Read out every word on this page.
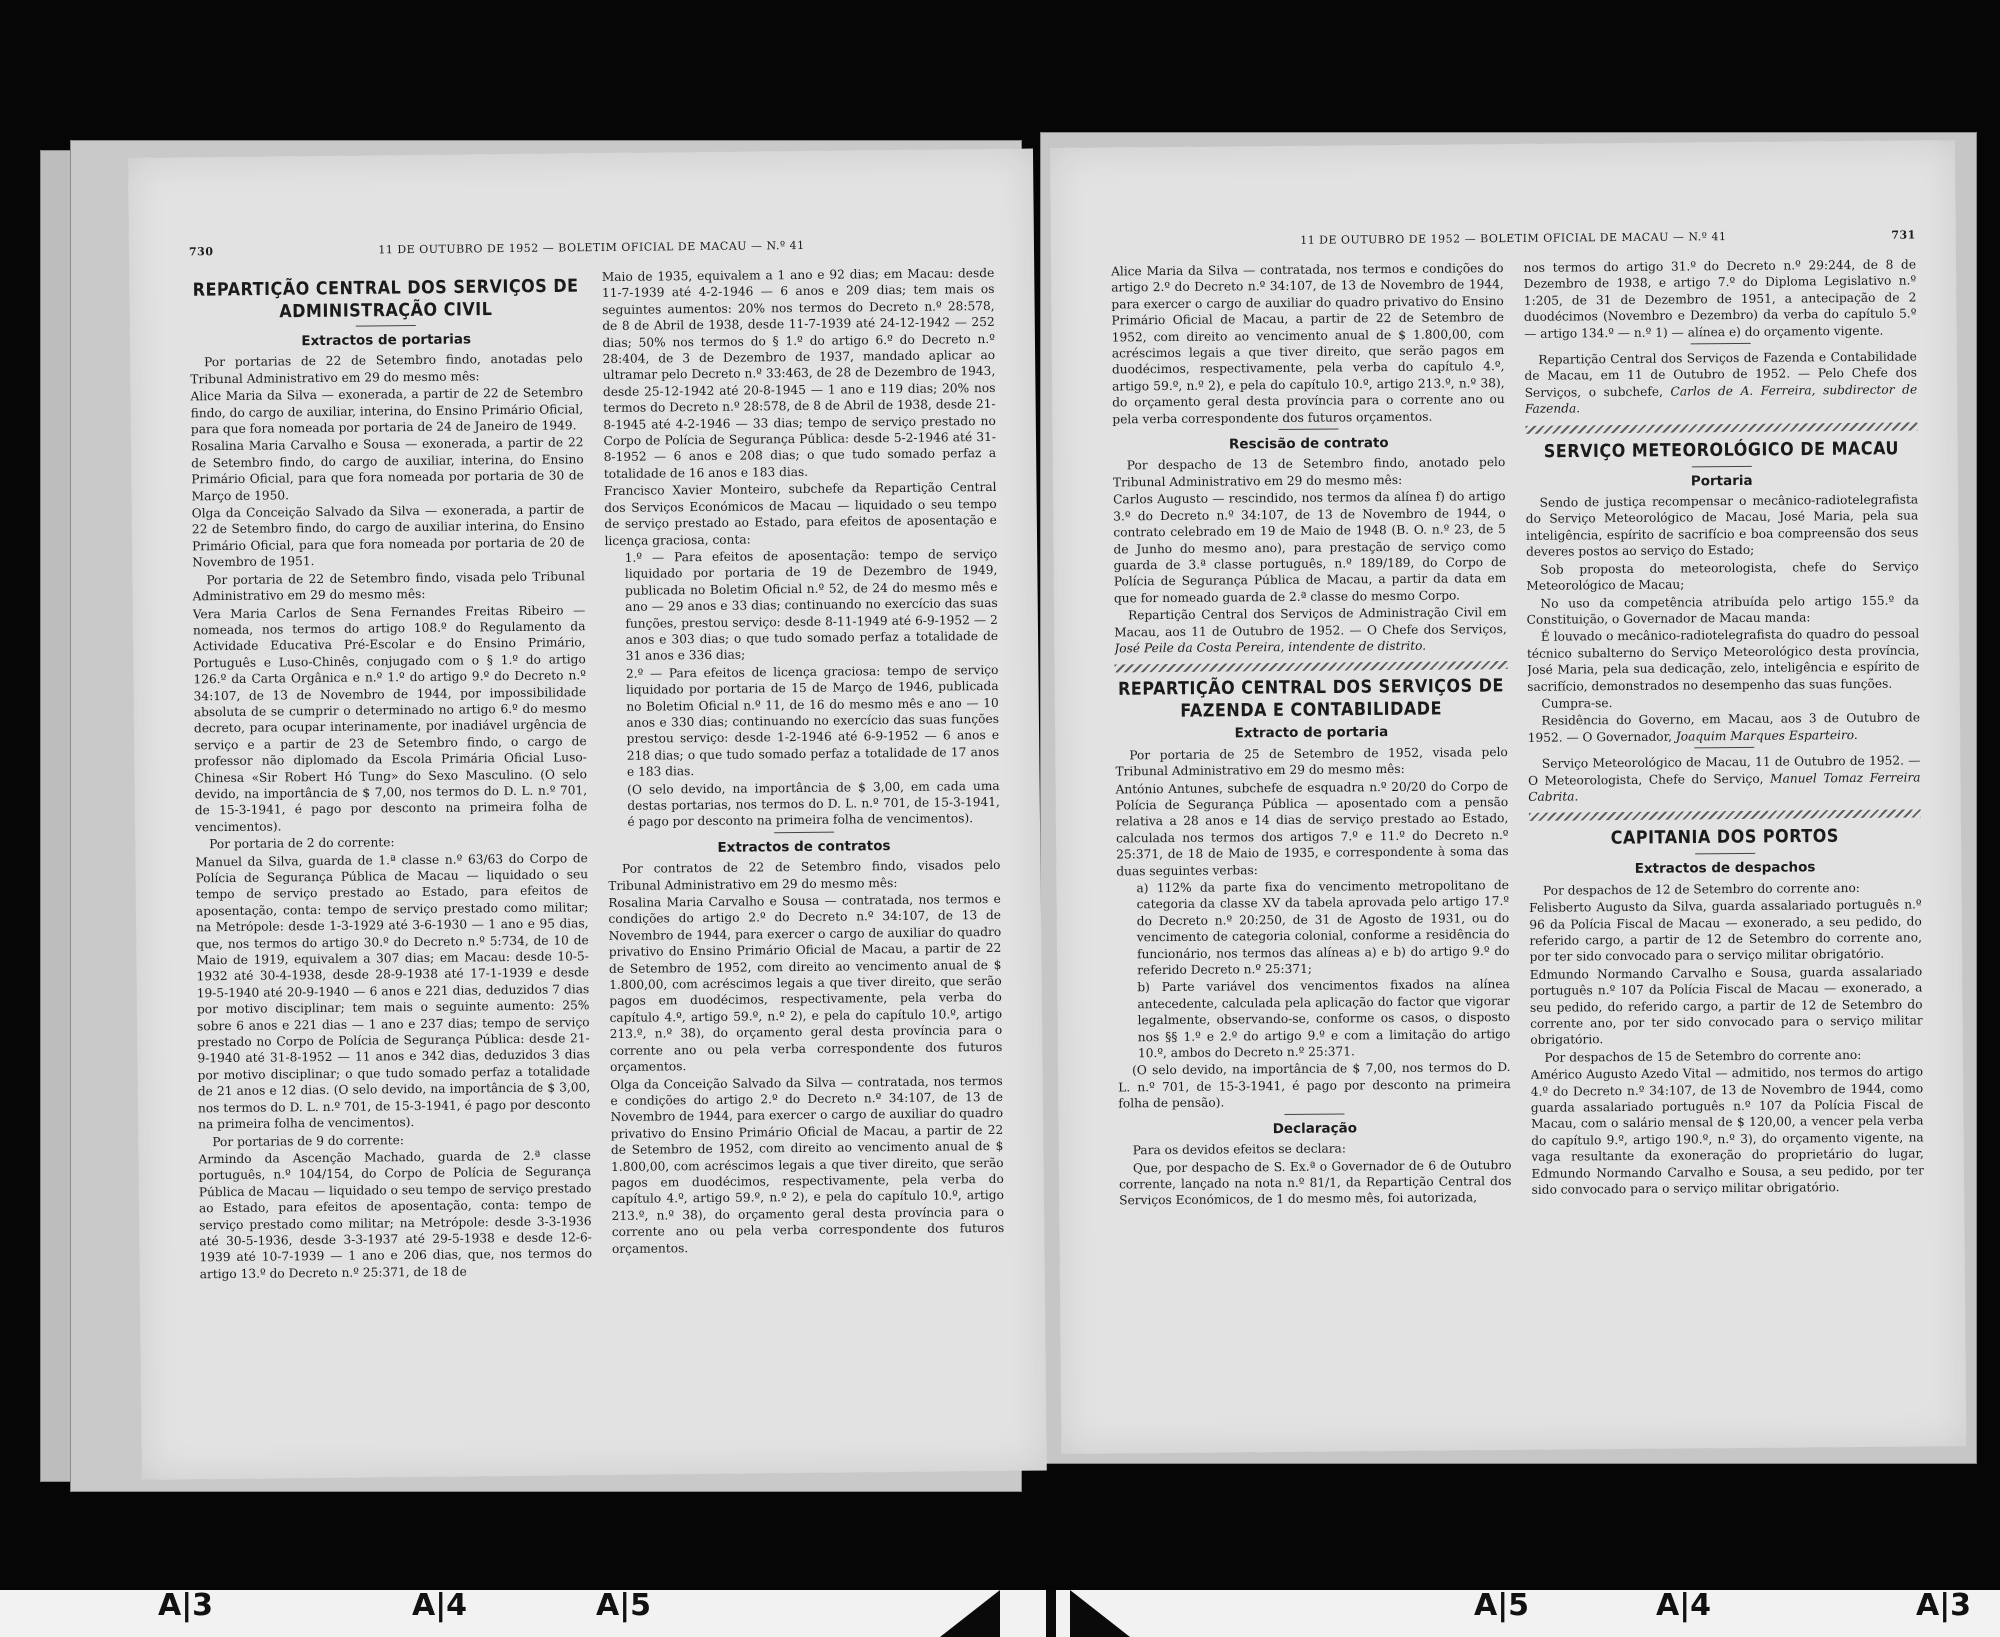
730	11 DE OUTUBRO DE 1952 — BOLETIM OFICIAL DE MACAU — N.º 41
REPARTIÇÃO CENTRAL DOS SERVIÇOS DE ADMINISTRAÇÃO CIVIL
Extractos de portarias

Por portarias de 22 de Setembro findo, anotadas pelo Tribunal Administrativo em 29 do mesmo mês:

Alice Maria da Silva — exonerada, a partir de 22 de Setembro findo, do cargo de auxiliar, interina, do Ensino Primário Oficial, para que fora nomeada por portaria de 24 de Janeiro de 1949.

Rosalina Maria Carvalho e Sousa — exonerada, a partir de 22 de Setembro findo, do cargo de auxiliar, interina, do Ensino Primário Oficial, para que fora nomeada por portaria de 30 de Março de 1950.

Olga da Conceição Salvado da Silva — exonerada, a partir de 22 de Setembro findo, do cargo de auxiliar interina, do Ensino Primário Oficial, para que fora nomeada por portaria de 20 de Novembro de 1951.

Por portaria de 22 de Setembro findo, visada pelo Tribunal Administrativo em 29 do mesmo mês:

Vera Maria Carlos de Sena Fernandes Freitas Ribeiro — nomeada, nos termos do artigo 108.º do Regulamento da Actividade Educativa Pré-Escolar e do Ensino Primário, Português e Luso-Chinês, conjugado com o § 1.º do artigo 126.º da Carta Orgânica e n.º 1.º do artigo 9.º do Decreto n.º 34:107, de 13 de Novembro de 1944, por impossibilidade absoluta de se cumprir o determinado no artigo 6.º do mesmo decreto, para ocupar interinamente, por inadiável urgência de serviço e a partir de 23 de Setembro findo, o cargo de professor não diplomado da Escola Primária Oficial Luso-Chinesa «Sir Robert Hó Tung» do Sexo Masculino. (O selo devido, na importância de $ 7,00, nos termos do D. L. n.º 701, de 15-3-1941, é pago por desconto na primeira folha de vencimentos).

Por portaria de 2 do corrente:

Manuel da Silva, guarda de 1.ª classe n.º 63/63 do Corpo de Polícia de Segurança Pública de Macau — liquidado o seu tempo de serviço prestado ao Estado, para efeitos de aposentação, conta: tempo de serviço prestado como militar; na Metrópole: desde 1-3-1929 até 3-6-1930 — 1 ano e 95 dias, que, nos termos do artigo 30.º do Decreto n.º 5:734, de 10 de Maio de 1919, equivalem a 307 dias; em Macau: desde 10-5-1932 até 30-4-1938, desde 28-9-1938 até 17-1-1939 e desde 19-5-1940 até 20-9-1940 — 6 anos e 221 dias, deduzidos 7 dias por motivo disciplinar; tem mais o seguinte aumento: 25% sobre 6 anos e 221 dias — 1 ano e 237 dias; tempo de serviço prestado no Corpo de Polícia de Segurança Pública: desde 21-9-1940 até 31-8-1952 — 11 anos e 342 dias, deduzidos 3 dias por motivo disciplinar; o que tudo somado perfaz a totalidade de 21 anos e 12 dias. (O selo devido, na importância de $ 3,00, nos termos do D. L. n.º 701, de 15-3-1941, é pago por desconto na primeira folha de vencimentos).

Por portarias de 9 do corrente:

Armindo da Ascenção Machado, guarda de 2.ª classe português, n.º 104/154, do Corpo de Polícia de Segurança Pública de Macau — liquidado o seu tempo de serviço prestado ao Estado, para efeitos de aposentação, conta: tempo de serviço prestado como militar; na Metrópole: desde 3-3-1936 até 30-5-1936, desde 3-3-1937 até 29-5-1938 e desde 12-6-1939 até 10-7-1939 — 1 ano e 206 dias, que, nos termos do artigo 13.º do Decreto n.º 25:371, de 18 de

Maio de 1935, equivalem a 1 ano e 92 dias; em Macau: desde 11-7-1939 até 4-2-1946 — 6 anos e 209 dias; tem mais os seguintes aumentos: 20% nos termos do Decreto n.º 28:578, de 8 de Abril de 1938, desde 11-7-1939 até 24-12-1942 — 252 dias; 50% nos termos do § 1.º do artigo 6.º do Decreto n.º 28:404, de 3 de Dezembro de 1937, mandado aplicar ao ultramar pelo Decreto n.º 33:463, de 28 de Dezembro de 1943, desde 25-12-1942 até 20-8-1945 — 1 ano e 119 dias; 20% nos termos do Decreto n.º 28:578, de 8 de Abril de 1938, desde 21-8-1945 até 4-2-1946 — 33 dias; tempo de serviço prestado no Corpo de Polícia de Segurança Pública: desde 5-2-1946 até 31-8-1952 — 6 anos e 208 dias; o que tudo somado perfaz a totalidade de 16 anos e 183 dias.

Francisco Xavier Monteiro, subchefe da Repartição Central dos Serviços Económicos de Macau — liquidado o seu tempo de serviço prestado ao Estado, para efeitos de aposentação e licença graciosa, conta:

1.º — Para efeitos de aposentação: tempo de serviço liquidado por portaria de 19 de Dezembro de 1949, publicada no Boletim Oficial n.º 52, de 24 do mesmo mês e ano — 29 anos e 33 dias; continuando no exercício das suas funções, prestou serviço: desde 8-11-1949 até 6-9-1952 — 2 anos e 303 dias; o que tudo somado perfaz a totalidade de 31 anos e 336 dias;

2.º — Para efeitos de licença graciosa: tempo de serviço liquidado por portaria de 15 de Março de 1946, publicada no Boletim Oficial n.º 11, de 16 do mesmo mês e ano — 10 anos e 330 dias; continuando no exercício das suas funções prestou serviço: desde 1-2-1946 até 6-9-1952 — 6 anos e 218 dias; o que tudo somado perfaz a totalidade de 17 anos e 183 dias.

(O selo devido, na importância de $ 3,00, em cada uma destas portarias, nos termos do D. L. n.º 701, de 15-3-1941, é pago por desconto na primeira folha de vencimentos).

Extractos de contratos

Por contratos de 22 de Setembro findo, visados pelo Tribunal Administrativo em 29 do mesmo mês:

Rosalina Maria Carvalho e Sousa — contratada, nos termos e condições do artigo 2.º do Decreto n.º 34:107, de 13 de Novembro de 1944, para exercer o cargo de auxiliar do quadro privativo do Ensino Primário Oficial de Macau, a partir de 22 de Setembro de 1952, com direito ao vencimento anual de $ 1.800,00, com acréscimos legais a que tiver direito, que serão pagos em duodécimos, respectivamente, pela verba do capítulo 4.º, artigo 59.º, n.º 2), e pela do capítulo 10.º, artigo 213.º, n.º 38), do orçamento geral desta província para o corrente ano ou pela verba correspondente dos futuros orçamentos.

Olga da Conceição Salvado da Silva — contratada, nos termos e condições do artigo 2.º do Decreto n.º 34:107, de 13 de Novembro de 1944, para exercer o cargo de auxiliar do quadro privativo do Ensino Primário Oficial de Macau, a partir de 22 de Setembro de 1952, com direito ao vencimento anual de $ 1.800,00, com acréscimos legais a que tiver direito, que serão pagos em duodécimos, respectivamente, pela verba do capítulo 4.º, artigo 59.º, n.º 2), e pela do capítulo 10.º, artigo 213.º, n.º 38), do orçamento geral desta província para o corrente ano ou pela verba correspondente dos futuros orçamentos.

11 DE OUTUBRO DE 1952 — BOLETIM OFICIAL DE MACAU — N.º 41	731

Alice Maria da Silva — contratada, nos termos e condições do artigo 2.º do Decreto n.º 34:107, de 13 de Novembro de 1944, para exercer o cargo de auxiliar do quadro privativo do Ensino Primário Oficial de Macau, a partir de 22 de Setembro de 1952, com direito ao vencimento anual de $ 1.800,00, com acréscimos legais a que tiver direito, que serão pagos em duodécimos, respectivamente, pela verba do capítulo 4.º, artigo 59.º, n.º 2), e pela do capítulo 10.º, artigo 213.º, n.º 38), do orçamento geral desta província para o corrente ano ou pela verba correspondente dos futuros orçamentos.

Rescisão de contrato

Por despacho de 13 de Setembro findo, anotado pelo Tribunal Administrativo em 29 do mesmo mês:

Carlos Augusto — rescindido, nos termos da alínea f) do artigo 3.º do Decreto n.º 34:107, de 13 de Novembro de 1944, o contrato celebrado em 19 de Maio de 1948 (B. O. n.º 23, de 5 de Junho do mesmo ano), para prestação de serviço como guarda de 3.ª classe português, n.º 189/189, do Corpo de Polícia de Segurança Pública de Macau, a partir da data em que for nomeado guarda de 2.ª classe do mesmo Corpo.

Repartição Central dos Serviços de Administração Civil em Macau, aos 11 de Outubro de 1952. — O Chefe dos Serviços, José Peile da Costa Pereira, intendente de distrito.

REPARTIÇÃO CENTRAL DOS SERVIÇOS DE FAZENDA E CONTABILIDADE
Extracto de portaria

Por portaria de 25 de Setembro de 1952, visada pelo Tribunal Administrativo em 29 do mesmo mês:

António Antunes, subchefe de esquadra n.º 20/20 do Corpo de Polícia de Segurança Pública — aposentado com a pensão relativa a 28 anos e 14 dias de serviço prestado ao Estado, calculada nos termos dos artigos 7.º e 11.º do Decreto n.º 25:371, de 18 de Maio de 1935, e correspondente à soma das duas seguintes verbas:

a) 112% da parte fixa do vencimento metropolitano de categoria da classe XV da tabela aprovada pelo artigo 17.º do Decreto n.º 20:250, de 31 de Agosto de 1931, ou do vencimento de categoria colonial, conforme a residência do funcionário, nos termos das alíneas a) e b) do artigo 9.º do referido Decreto n.º 25:371;

b) Parte variável dos vencimentos fixados na alínea antecedente, calculada pela aplicação do factor que vigorar legalmente, observando-se, conforme os casos, o disposto nos §§ 1.º e 2.º do artigo 9.º e com a limitação do artigo 10.º, ambos do Decreto n.º 25:371.

(O selo devido, na importância de $ 7,00, nos termos do D. L. n.º 701, de 15-3-1941, é pago por desconto na primeira folha de pensão).

Declaração

Para os devidos efeitos se declara:

Que, por despacho de S. Ex.ª o Governador de 6 de Outubro corrente, lançado na nota n.º 81/1, da Repartição Central dos Serviços Económicos, de 1 do mesmo mês, foi autorizada,

nos termos do artigo 31.º do Decreto n.º 29:244, de 8 de Dezembro de 1938, e artigo 7.º do Diploma Legislativo n.º 1:205, de 31 de Dezembro de 1951, a antecipação de 2 duodécimos (Novembro e Dezembro) da verba do capítulo 5.º — artigo 134.º — n.º 1) — alínea e) do orçamento vigente.

Repartição Central dos Serviços de Fazenda e Contabilidade de Macau, em 11 de Outubro de 1952. — Pelo Chefe dos Serviços, o subchefe, Carlos de A. Ferreira, subdirector de Fazenda.

SERVIÇO METEOROLÓGICO DE MACAU
Portaria

Sendo de justiça recompensar o mecânico-radiotelegrafista do Serviço Meteorológico de Macau, José Maria, pela sua inteligência, espírito de sacrifício e boa compreensão dos seus deveres postos ao serviço do Estado;

Sob proposta do meteorologista, chefe do Serviço Meteorológico de Macau;

No uso da competência atribuída pelo artigo 155.º da Constituição, o Governador de Macau manda:

É louvado o mecânico-radiotelegrafista do quadro do pessoal técnico subalterno do Serviço Meteorológico desta província, José Maria, pela sua dedicação, zelo, inteligência e espírito de sacrifício, demonstrados no desempenho das suas funções.

Cumpra-se.

Residência do Governo, em Macau, aos 3 de Outubro de 1952. — O Governador, Joaquim Marques Esparteiro.

Serviço Meteorológico de Macau, 11 de Outubro de 1952. — O Meteorologista, Chefe do Serviço, Manuel Tomaz Ferreira Cabrita.

CAPITANIA DOS PORTOS
Extractos de despachos

Por despachos de 12 de Setembro do corrente ano:

Felisberto Augusto da Silva, guarda assalariado português n.º 96 da Polícia Fiscal de Macau — exonerado, a seu pedido, do referido cargo, a partir de 12 de Setembro do corrente ano, por ter sido convocado para o serviço militar obrigatório.

Edmundo Normando Carvalho e Sousa, guarda assalariado português n.º 107 da Polícia Fiscal de Macau — exonerado, a seu pedido, do referido cargo, a partir de 12 de Setembro do corrente ano, por ter sido convocado para o serviço militar obrigatório.

Por despachos de 15 de Setembro do corrente ano:

Américo Augusto Azedo Vital — admitido, nos termos do artigo 4.º do Decreto n.º 34:107, de 13 de Novembro de 1944, como guarda assalariado português n.º 107 da Polícia Fiscal de Macau, com o salário mensal de $ 120,00, a vencer pela verba do capítulo 9.º, artigo 190.º, n.º 3), do orçamento vigente, na vaga resultante da exoneração do proprietário do lugar, Edmundo Normando Carvalho e Sousa, a seu pedido, por ter sido convocado para o serviço militar obrigatório.

A|3	A|4	A|5	A|5	A|4	A|3
